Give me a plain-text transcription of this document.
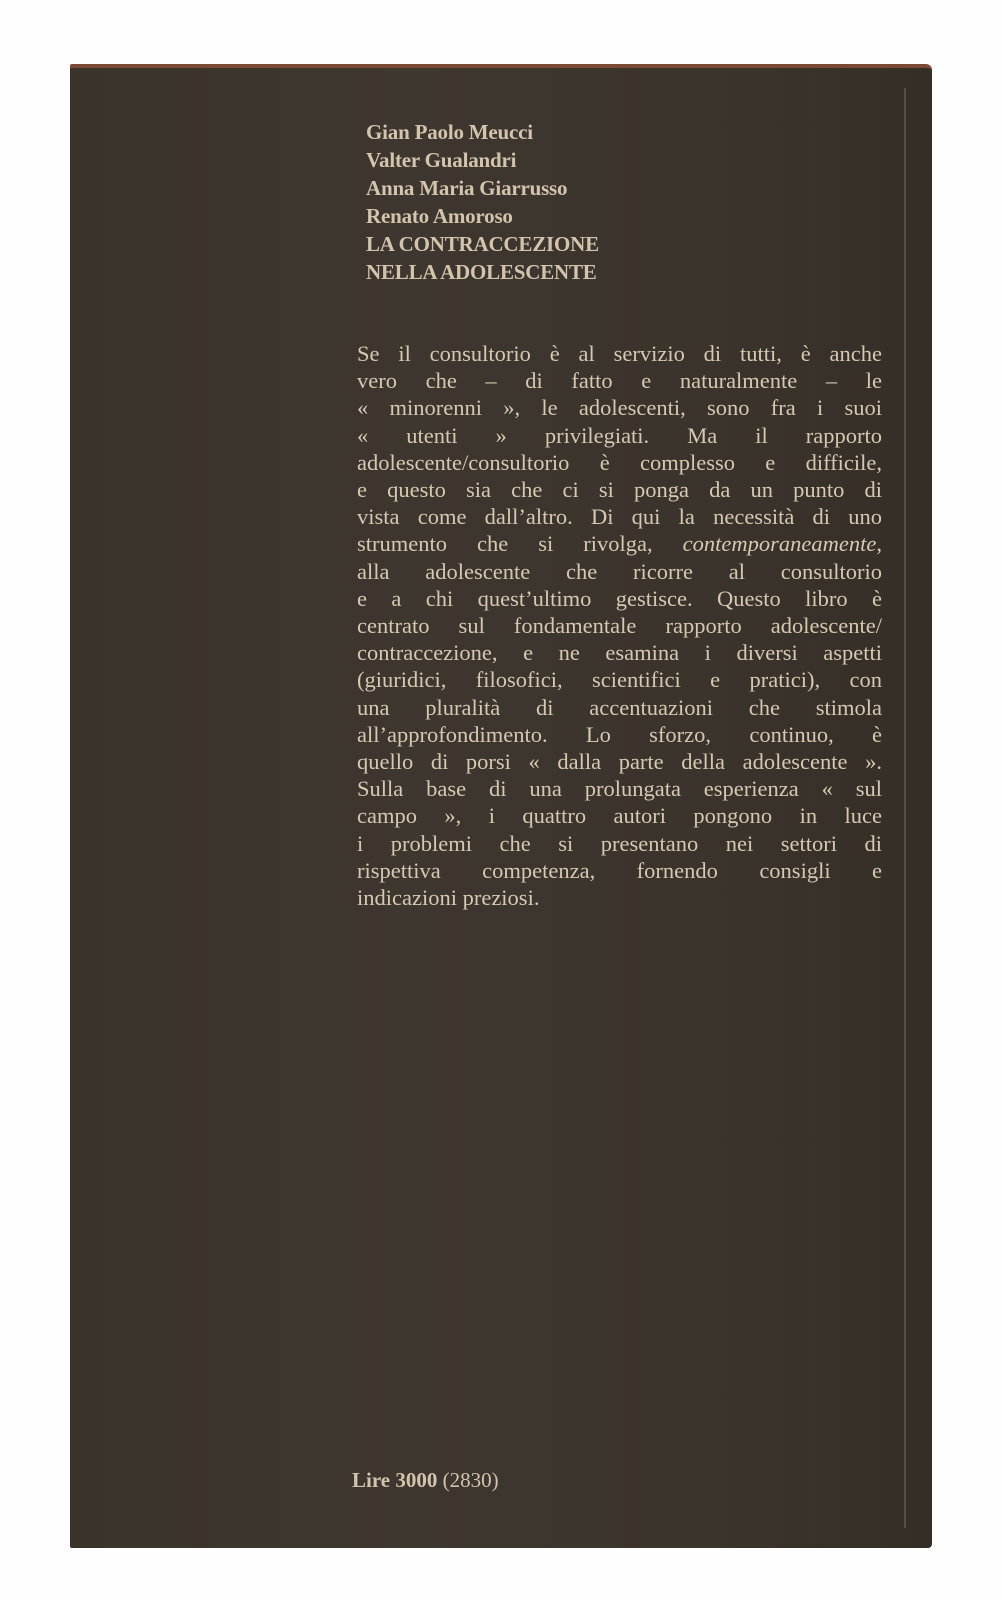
Gian Paolo Meucci
Valter Gualandri
Anna Maria Giarrusso
Renato Amoroso
LA CONTRACCEZIONE
NELLA ADOLESCENTE
Se il consultorio è al servizio di tutti, è anche
vero che – di fatto e naturalmente – le
« minorenni », le adolescenti, sono fra i suoi
« utenti » privilegiati. Ma il rapporto
adolescente/consultorio è complesso e difficile,
e questo sia che ci si ponga da un punto di
vista come dall’altro. Di qui la necessità di uno
strumento che si rivolga, contemporaneamente,
alla adolescente che ricorre al consultorio
e a chi quest’ultimo gestisce. Questo libro è
centrato sul fondamentale rapporto adolescente/
contraccezione, e ne esamina i diversi aspetti
(giuridici, filosofici, scientifici e pratici), con
una pluralità di accentuazioni che stimola
all’approfondimento. Lo sforzo, continuo, è
quello di porsi « dalla parte della adolescente ».
Sulla base di una prolungata esperienza « sul
campo », i quattro autori pongono in luce
i problemi che si presentano nei settori di
rispettiva competenza, fornendo consigli e
indicazioni preziosi.
Lire 3000 (2830)
